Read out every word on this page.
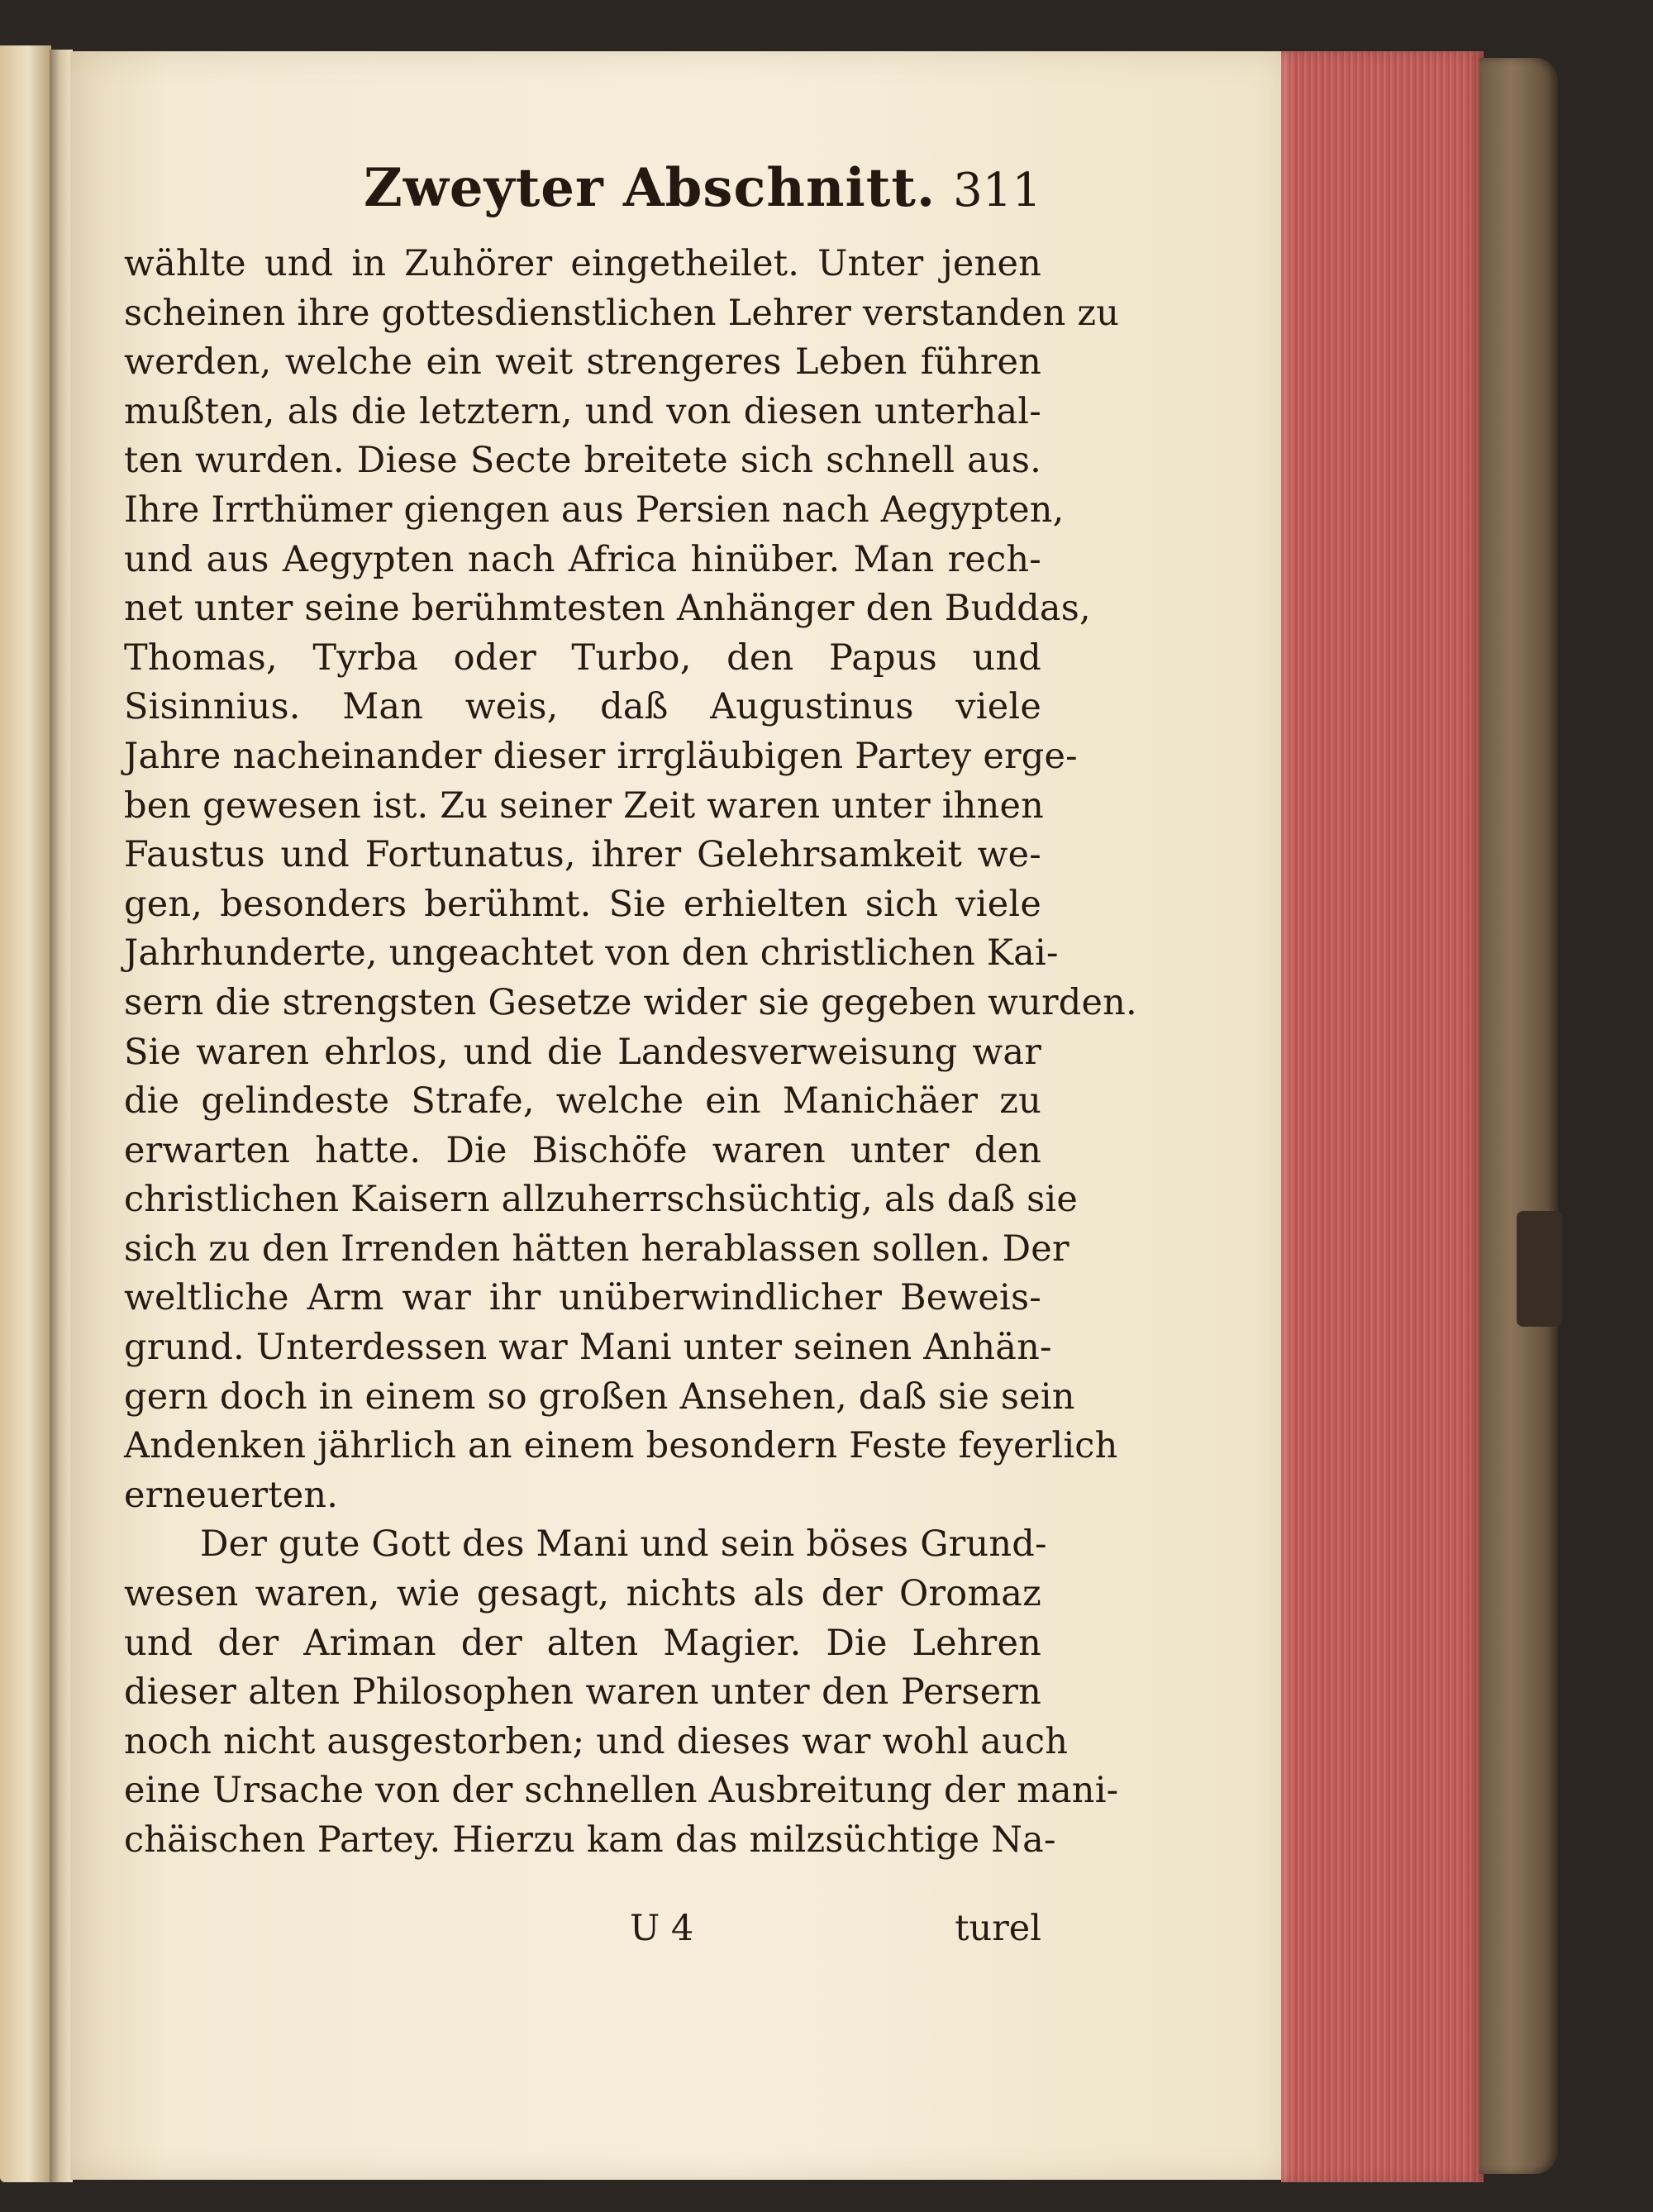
Zweyter Abschnitt. 311
wählte und in Zuhörer eingetheilet. Unter jenen
scheinen ihre gottesdienstlichen Lehrer verstanden zu
werden, welche ein weit strengeres Leben führen
mußten, als die letztern, und von diesen unterhal-
ten wurden. Diese Secte breitete sich schnell aus.
Ihre Irrthümer giengen aus Persien nach Aegypten,
und aus Aegypten nach Africa hinüber. Man rech-
net unter seine berühmtesten Anhänger den Buddas,
Thomas, Tyrba oder Turbo, den Papus und
Sisinnius. Man weis, daß Augustinus viele
Jahre nacheinander dieser irrgläubigen Partey erge-
ben gewesen ist. Zu seiner Zeit waren unter ihnen
Faustus und Fortunatus, ihrer Gelehrsamkeit we-
gen, besonders berühmt. Sie erhielten sich viele
Jahrhunderte, ungeachtet von den christlichen Kai-
sern die strengsten Gesetze wider sie gegeben wurden.
Sie waren ehrlos, und die Landesverweisung war
die gelindeste Strafe, welche ein Manichäer zu
erwarten hatte. Die Bischöfe waren unter den
christlichen Kaisern allzuherrschsüchtig, als daß sie
sich zu den Irrenden hätten herablassen sollen. Der
weltliche Arm war ihr unüberwindlicher Beweis-
grund. Unterdessen war Mani unter seinen Anhän-
gern doch in einem so großen Ansehen, daß sie sein
Andenken jährlich an einem besondern Feste feyerlich
erneuerten.
Der gute Gott des Mani und sein böses Grund-
wesen waren, wie gesagt, nichts als der Oromaz
und der Ariman der alten Magier. Die Lehren
dieser alten Philosophen waren unter den Persern
noch nicht ausgestorben; und dieses war wohl auch
eine Ursache von der schnellen Ausbreitung der mani-
chäischen Partey. Hierzu kam das milzsüchtige Na-
U 4	turel
